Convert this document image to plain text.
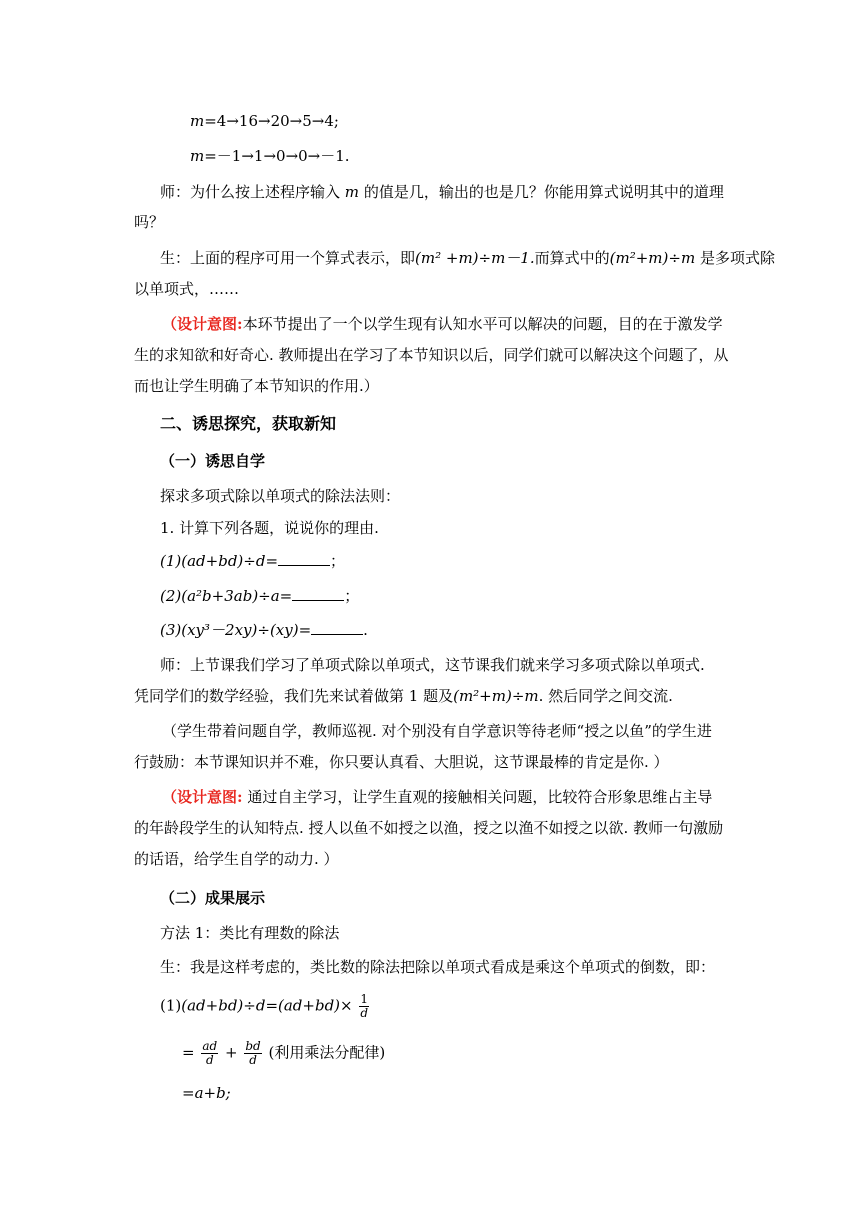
m=4→16→20→5→4;
m=－1→1→0→0→－1.
师：为什么按上述程序输入 m 的值是几，输出的也是几？你能用算式说明其中的道理
吗？
生：上面的程序可用一个算式表示，即(m² +m)÷m－1.而算式中的(m²+m)÷m 是多项式除
以单项式，……
（设计意图:本环节提出了一个以学生现有认知水平可以解决的问题，目的在于激发学
生的求知欲和好奇心. 教师提出在学习了本节知识以后，同学们就可以解决这个问题了，从
而也让学生明确了本节知识的作用.）
二、诱思探究，获取新知
（一）诱思自学
探求多项式除以单项式的除法法则：
1. 计算下列各题，说说你的理由.
(1)(ad+bd)÷d=	；
(2)(a²b+3ab)÷a=	；
(3)(xy³－2xy)÷(xy)=	.
师：上节课我们学习了单项式除以单项式，这节课我们就来学习多项式除以单项式.
凭同学们的数学经验，我们先来试着做第 1 题及(m²+m)÷m. 然后同学之间交流.
（学生带着问题自学，教师巡视. 对个别没有自学意识等待老师“授之以鱼”的学生进
行鼓励：本节课知识并不难，你只要认真看、大胆说，这节课最棒的肯定是你. ）
（设计意图: 通过自主学习，让学生直观的接触相关问题，比较符合形象思维占主导
的年龄段学生的认知特点. 授人以鱼不如授之以渔，授之以渔不如授之以欲. 教师一句激励
的话语，给学生自学的动力. ）
（二）成果展示
方法 1：类比有理数的除法
生：我是这样考虑的，类比数的除法把除以单项式看成是乘这个单项式的倒数，即：
$(1)(ad+bd)\div d=(ad+bd)\times \frac{1}{d}$
= $\frac{ad}{d} + \frac{bd}{d}$ (利用乘法分配律)
=a+b;
